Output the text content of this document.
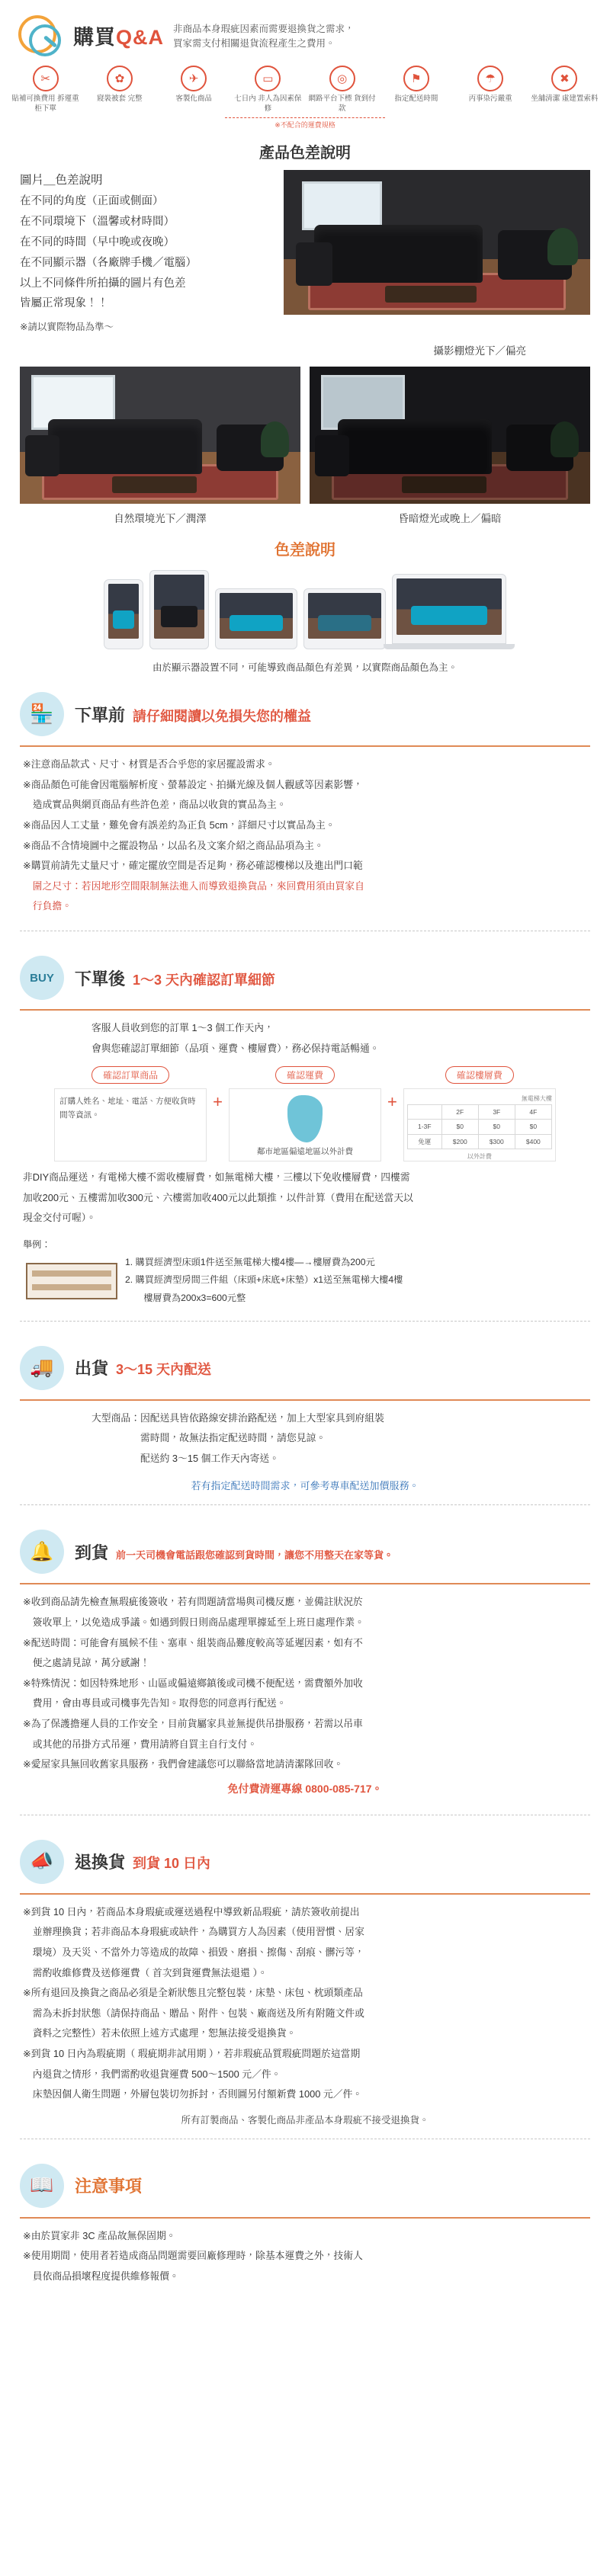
購買Q&A 非商品本身瑕疵因素而需要退換貨之需求，
買家需支付相關退貨流程產生之費用。
✂
貼補可換費用 拆運重柜下單
✿
寢裝被套 完整
✈
客製化商品
▭
七日內 非人為因素保修
◎
網路平台下標 貨到付款
⚑
指定配送時間
☂
丙事染污嚴重
✖
坐舖清潔 虛建置索料
※不配合的運費規格
產品色差說明
圖片＿色差說明
在不同的角度（正面或側面）
在不同環境下（溫馨或材時間）
在不同的時間（早中晚或夜晚）
在不同顯示器（各廠牌手機／電腦）
以上不同條件所拍攝的圖片有色差
皆屬正常現象！！
※請以實際物品為準～
攝影棚燈光下／偏亮
自然環境光下／潤澤	昏暗燈光或晚上／偏暗
色差說明
由於顯示器設置不同，可能導致商品顏色有差異，以實際商品顏色為主。
🏪	下單前 請仔細閱讀以免損失您的權益

※注意商品款式、尺寸、材質是否合乎您的家居擺設需求。

※商品顏色可能會因電腦解析度、螢幕設定、拍攝光線及個人觀感等因素影響，

　造成實品與網頁商品有些許色差，商品以收貨的實品為主。

※商品因人工丈量，難免會有誤差約為正負 5cm，詳細尺寸以實品為主。

※商品不含情境圖中之擺設物品，以品名及文案介紹之商品品項為主。

※購買前請先丈量尺寸，確定擺放空間是否足夠，務必確認樓梯以及進出門口範

　圍之尺寸：若因地形空間限制無法進入而導致退換貨品，來回費用須由買家自

　行負擔。

BUY	下單後 1～3 天內確認訂單細節

客服人員收到您的訂單 1～3 個工作天內，

會與您確認訂單細節（品項、運費、樓層費），務必保持電話暢通。

確認訂單商品
訂購人姓名、地址、電話、方便收貨時間等資訊。
+
確認運費
鄰市地區偏遠地區以外計費
+
確認樓層費
無電梯大樓
	2F	3F	4F
1-3F	$0	$0	$0
免運	$200	$300	$400
以外計費

非DIY商品運送，有電梯大樓不需收樓層費，如無電梯大樓，三樓以下免收樓層費，四樓需

加收200元、五樓需加收300元、六樓需加收400元以此類推，以件計算（費用在配送當天以

現金交付可喔）。

舉例：
1. 購買經濟型床頭1件送至無電梯大樓4樓—→樓層費為200元
2. 購買經濟型房間三件組（床頭+床底+床墊）x1送至無電梯大樓4樓
　　樓層費為200x3=600元整
🚚	出貨 3～15 天內配送

大型商品：因配送具皆依路線安排治路配送，加上大型家具到府組裝

　　　　　需時間，故無法指定配送時間，請您見諒。

　　　　　配送約 3～15 個工作天內寄送。

若有指定配送時間需求，可參考專車配送加價服務。
🔔	到貨 前一天司機會電話跟您確認到貨時間，讓您不用整天在家等貨。

※收到商品請先檢查無瑕疵後簽收，若有問題請當場與司機反應，並備註狀況於

　簽收單上，以免造成爭議。如遇到假日則商品處理單據延至上班日處理作業。

※配送時間：可能會有風候不佳、塞車、組裝商品難度較高等延遲因素，如有不

　便之處請見諒，萬分感謝！

※特殊情況：如因特殊地形、山區或偏遠鄉鎮後或司機不便配送，需費額外加收

　費用，會由專員或司機事先告知。取得您的同意再行配送。

※為了保護擔運人員的工作安全，目前貨屬家具並無提供吊掛服務，若需以吊車

　或其他的吊掛方式吊運，費用請將自買主自行支付。

※愛屋家具無回收舊家具服務，我們會建議您可以聯絡當地請清潔隊回收。

免付費清運專線 0800-085-717。
📣	退換貨 到貨 10 日內

※到貨 10 日內，若商品本身瑕疵或運送過程中導致新品瑕疵，請於簽收前提出

　並辦理換貨；若非商品本身瑕疵或缺件，為購買方人為因素（使用習慣、居家

　環境）及天災、不當外力等造成的故障、損毀、磨損、擦傷、刮痕、髒污等，

　需酌收維修費及送修運費（ 首次到貨運費無法退還 ）。

※所有退回及換貨之商品必須是全新狀態且完整包裝，床墊、床包、枕頭類產品

　需為未拆封狀態（請保持商品、贈品、附件、包裝、廠商送及所有附隨文件或

　資料之完整性）若未依照上述方式處理，恕無法接受退換貨。

※到貨 10 日內為瑕疵期（ 瑕疵期非試用期 ），若非瑕疵品質瑕疵問題於這當期

　內退貨之情形，我們需酌收退貨運費 500～1500 元／件。

　床墊因個人衛生問題，外層包裝切勿拆封，否則圖另付額新費 1000 元／件。

所有訂製商品、客製化商品非產品本身瑕疵不接受退換貨。
📖	注意事項

※由於買家非 3C 產品故無保固期。

※使用期間，使用者若造成商品問題需要回廠修理時，除基本運費之外，技術人

　員依商品損壞程度提供維修報價。
